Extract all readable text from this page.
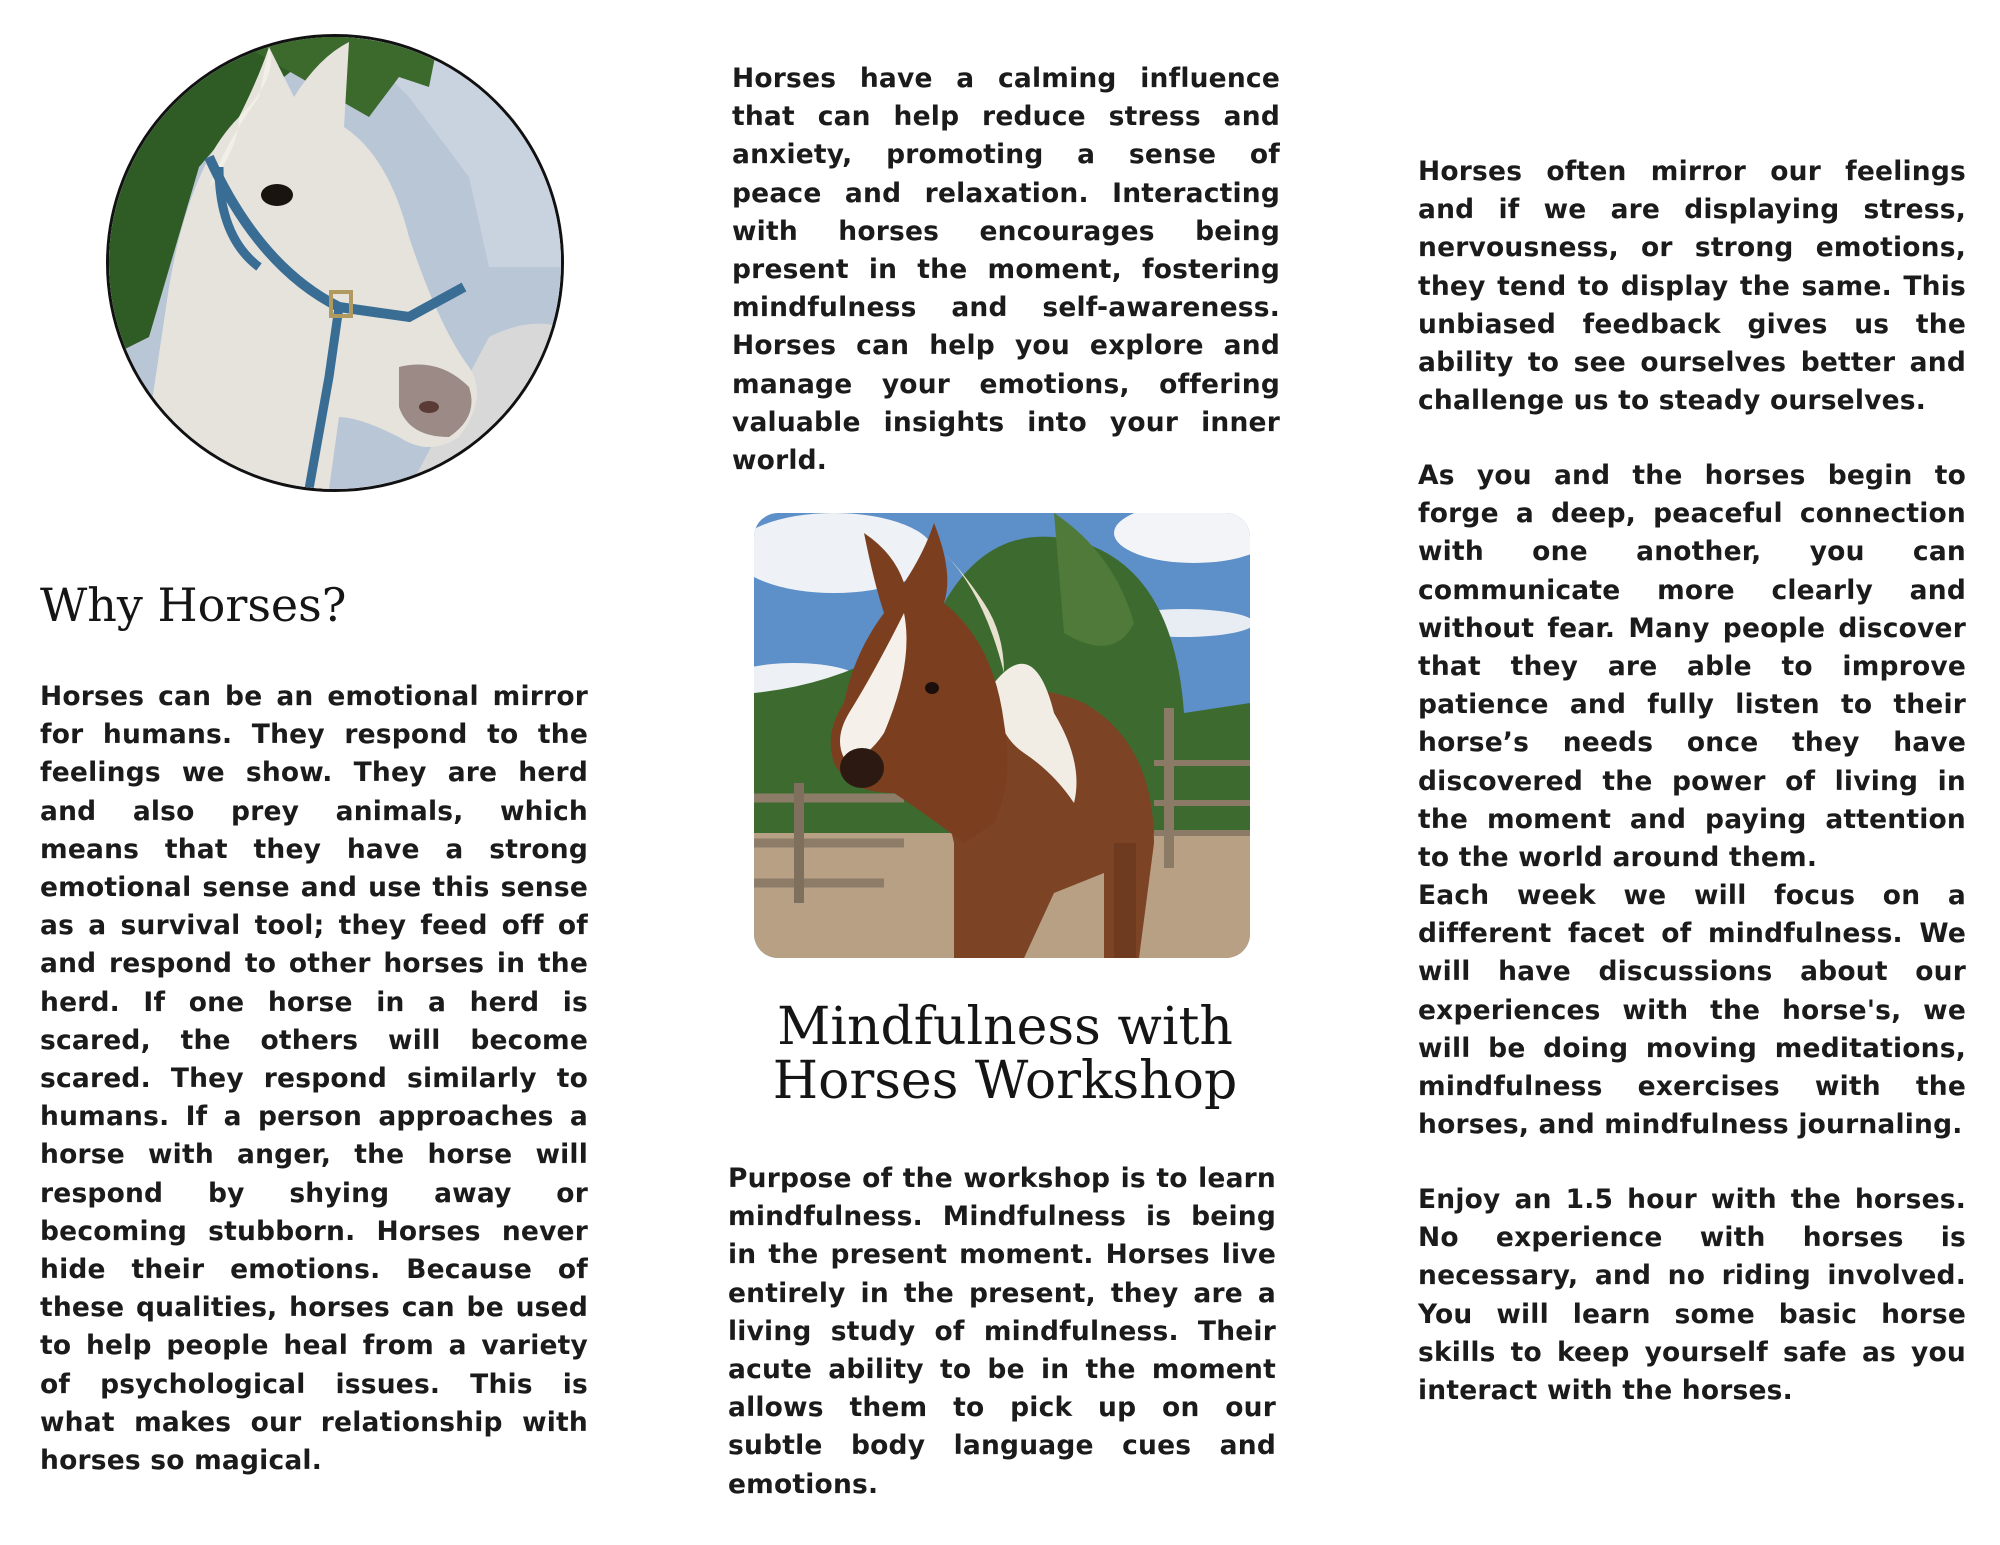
Why Horses?

Horses can be an emotional mirror for humans. They respond to the feelings we show. They are herd and also prey animals, which means that they have a strong emotional sense and use this sense as a survival tool; they feed off of and respond to other horses in the herd. If one horse in a herd is scared, the others will become scared. They respond similarly to humans. If a person approaches a horse with anger, the horse will respond by shying away or becoming stubborn. Horses never hide their emotions. Because of these qualities, horses can be used to help people heal from a variety of psychological issues. This is what makes our relationship with horses so magical.

Horses have a calming influence that can help reduce stress and anxiety, promoting a sense of peace and relaxation. Interacting with horses encourages being present in the moment, fostering mindfulness and self-awareness. Horses can help you explore and manage your emotions, offering valuable insights into your inner world.

Mindfulness with
Horses Workshop

Purpose of the workshop is to learn mindfulness. Mindfulness is being in the present moment. Horses live entirely in the present, they are a living study of mindfulness. Their acute ability to be in the moment allows them to pick up on our subtle body language cues and emotions.

Horses often mirror our feelings and if we are displaying stress, nervousness, or strong emotions, they tend to display the same. This unbiased feedback gives us the ability to see ourselves better and challenge us to steady ourselves.

As you and the horses begin to forge a deep, peaceful connection with one another, you can communicate more clearly and without fear. Many people discover that they are able to improve patience and fully listen to their horse’s needs once they have discovered the power of living in the moment and paying attention to the world around them.

Each week we will focus on a different facet of mindfulness. We will have discussions about our experiences with the horse's, we will be doing moving meditations, mindfulness exercises with the horses, and mindfulness journaling.

Enjoy an 1.5 hour with the horses. No experience with horses is necessary, and no riding involved. You will learn some basic horse skills to keep yourself safe as you interact with the horses.
